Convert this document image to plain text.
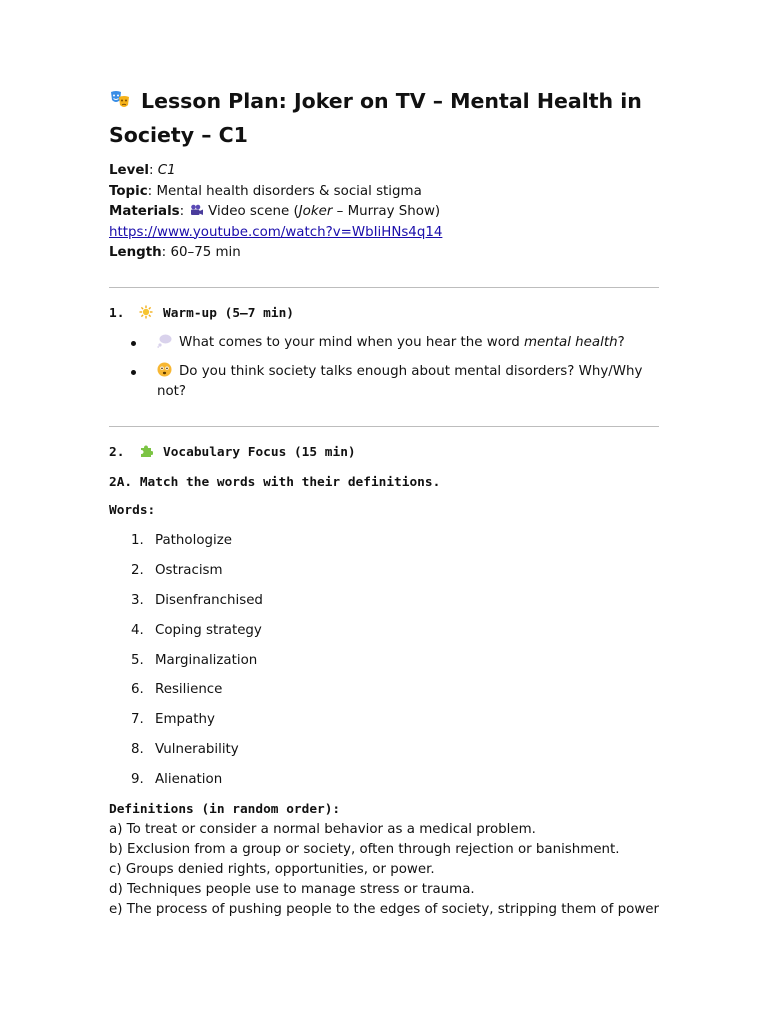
Lesson Plan: Joker on TV – Mental Health in Society – C1
Level: C1
Topic: Mental health disorders & social stigma
Materials: Video scene (Joker – Murray Show)
https://www.youtube.com/watch?v=WbIiHNs4q14
Length: 60–75 min
1.	Warm-up (5–7 min)
What comes to your mind when you hear the word mental health?
Do you think society talks enough about mental disorders? Why/Why not?
2.	Vocabulary Focus (15 min)
2A. Match the words with their definitions.
Words:
1. Pathologize
2. Ostracism
3. Disenfranchised
4. Coping strategy
5. Marginalization
6. Resilience
7. Empathy
8. Vulnerability
9. Alienation
Definitions (in random order):
a) To treat or consider a normal behavior as a medical problem.
b) Exclusion from a group or society, often through rejection or banishment.
c) Groups denied rights, opportunities, or power.
d) Techniques people use to manage stress or trauma.
e) The process of pushing people to the edges of society, stripping them of power
